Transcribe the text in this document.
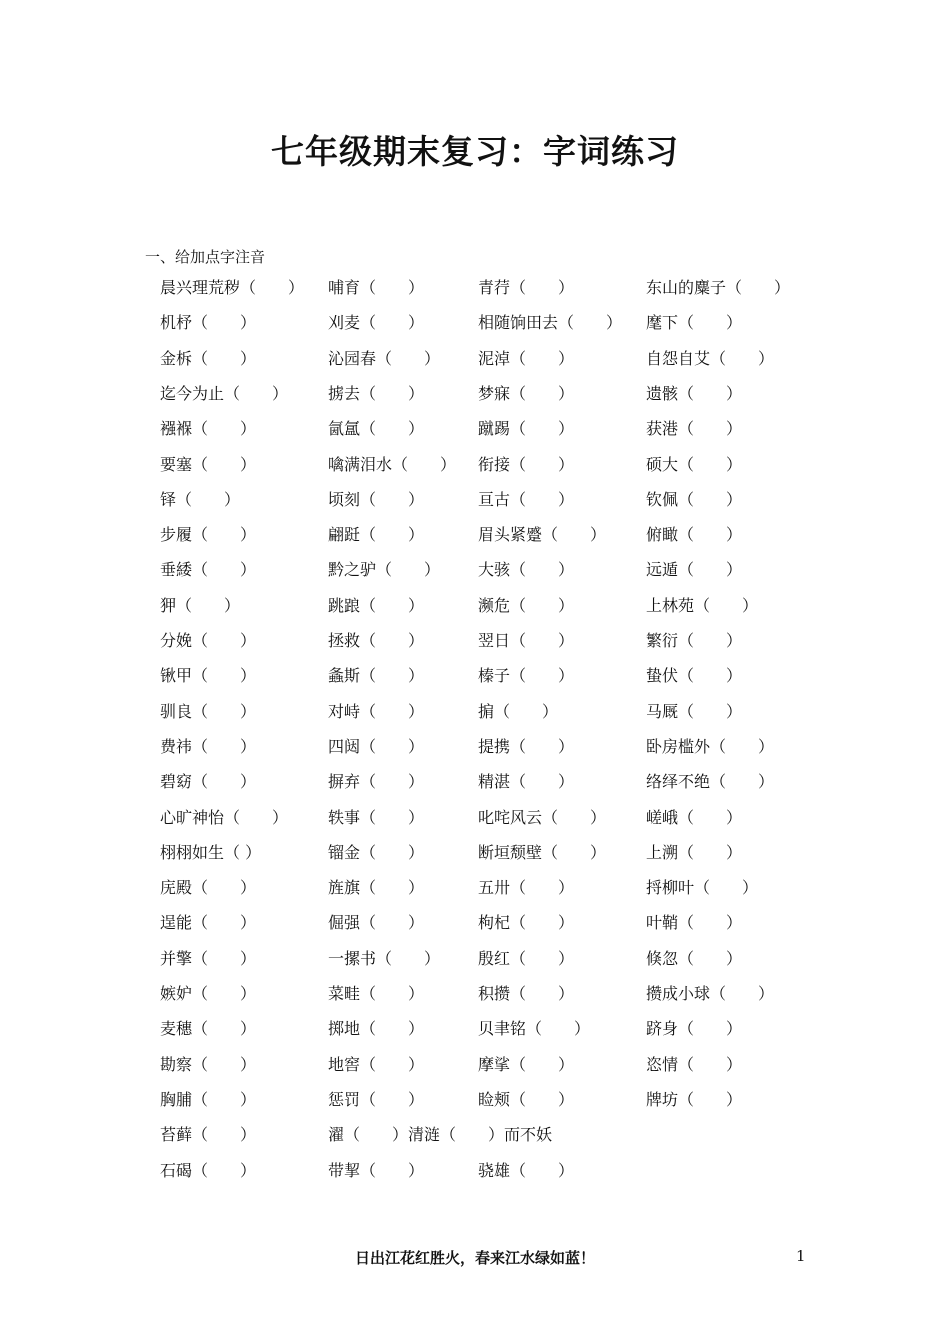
七年级期末复习：字词练习
一、给加点字注音
晨兴理荒秽（　　） 哺育（　　）	青荇（　　）	东山的麋子（　　）
机杼（　　）	刈麦（　　）	相随饷田去（　　） 麾下（　　）
金柝（　　）	沁园春（　　） 泥淖（　　）	自怨自艾（　　）
迄今为止（　　） 掳去（　　）	梦寐（　　）	遗骸（　　）
襁褓（　　）	氤氲（　　）	蹴踢（　　）	获港（　　）
要塞（　　）	噙满泪水（　　） 衔接（　　）	硕大（　　）
铎（　　）	顷刻（　　）	亘古（　　）	钦佩（　　）
步履（　　）	翩跹（　　）	眉头紧蹙（　　） 俯瞰（　　）
垂緌（　　）	黔之驴（　　） 大骇（　　）	远遁（　　）
狎（　　）	跳踉（　　）	濒危（　　）	上林苑（　　）
分娩（　　）	拯救（　　）	翌日（　　）	繁衍（　　）
锹甲（　　）	螽斯（　　）	榛子（　　）	蛰伏（　　）
驯良（　　）	对峙（　　）	掮（　　）	马厩（　　）
费祎（　　）	四闼（　　）	提携（　　）	卧房槛外（　　）
碧窈（　　）	摒弃（　　）	精湛（　　）	络绎不绝（　　）
心旷神怡（　　） 轶事（　　）	叱咤风云（　　） 嵯峨（　　）
栩栩如生（ ）	镏金（　　）	断垣颓壁（　　） 上溯（　　）
庑殿（　　）	旌旗（　　）	五卅（　　）	捋柳叶（　　）
逞能（　　）	倔强（　　）	枸杞（　　）	叶鞘（　　）
并擎（　　）	一摞书（　　） 殷红（　　）	倏忽（　　）
嫉妒（　　）	菜畦（　　）	积攒（　　）	攒成小球（　　）
麦穗（　　）	掷地（　　）	贝聿铭（　　）	跻身（　　）
勘察（　　）	地窖（　　）	摩挲（　　）	恣情（　　）
胸脯（　　）	惩罚（　　）	睑颊（　　）	牌坊（　　）
苔藓（　　）	濯（　　）清涟（　　）而不妖
石碣（　　）	带挈（　　）	骁雄（　　）
日出江花红胜火，春来江水绿如蓝！	1
